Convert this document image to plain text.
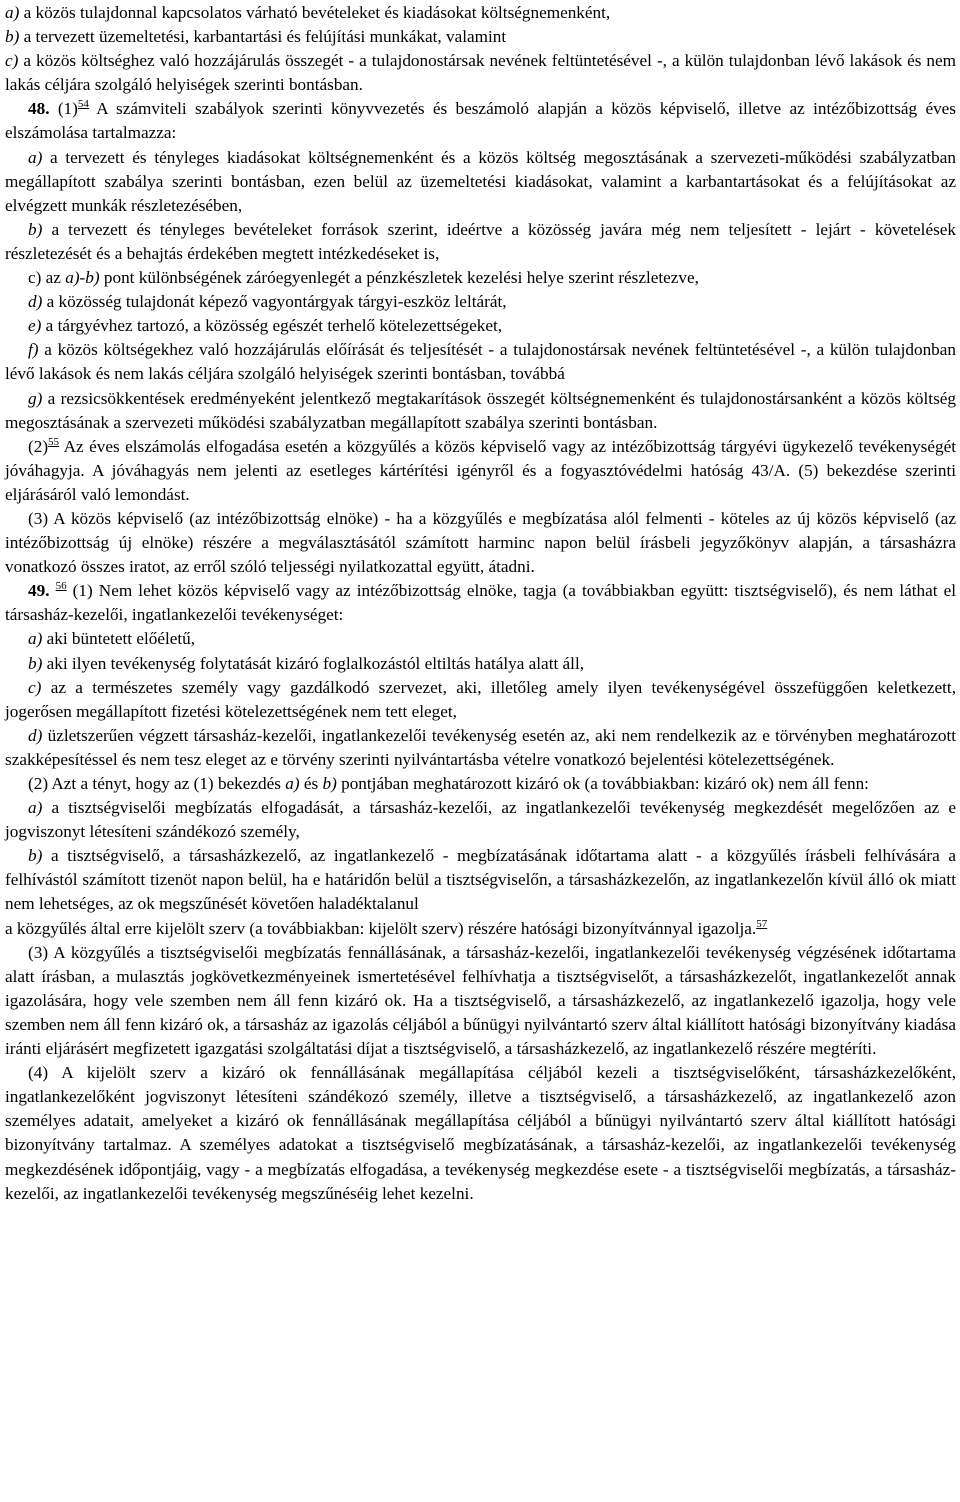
a) a közös tulajdonnal kapcsolatos várható bevételeket és kiadásokat költségnemenként,

b) a tervezett üzemeltetési, karbantartási és felújítási munkákat, valamint

c) a közös költséghez való hozzájárulás összegét - a tulajdonostársak nevének feltüntetésével -, a külön tulajdonban lévő lakások és nem lakás céljára szolgáló helyiségek szerinti bontásban.

48. (1)$^{54}$ A számviteli szabályok szerinti könyvvezetés és beszámoló alapján a közös képviselő, illetve az intézőbizottság éves elszámolása tartalmazza:

a) a tervezett és tényleges kiadásokat költségnemenként és a közös költség megosztásának a szervezeti-működési szabályzatban megállapított szabálya szerinti bontásban, ezen belül az üzemeltetési kiadásokat, valamint a karbantartásokat és a felújításokat az elvégzett munkák részletezésében,

b) a tervezett és tényleges bevételeket források szerint, ideértve a közösség javára még nem teljesített - lejárt - követelések részletezését és a behajtás érdekében megtett intézkedéseket is,

c) az a)-b) pont különbségének záróegyenlegét a pénzkészletek kezelési helye szerint részletezve,

d) a közösség tulajdonát képező vagyontárgyak tárgyi-eszköz leltárát,

e) a tárgyévhez tartozó, a közösség egészét terhelő kötelezettségeket,

f) a közös költségekhez való hozzájárulás előírását és teljesítését - a tulajdonostársak nevének feltüntetésével -, a külön tulajdonban lévő lakások és nem lakás céljára szolgáló helyiségek szerinti bontásban, továbbá

g) a rezsicsökkentések eredményeként jelentkező megtakarítások összegét költségnemenként és tulajdonostársanként a közös költség megosztásának a szervezeti működési szabályzatban megállapított szabálya szerinti bontásban.

(2)$^{55}$ Az éves elszámolás elfogadása esetén a közgyűlés a közös képviselő vagy az intézőbizottság tárgyévi ügykezelő tevékenységét jóváhagyja. A jóváhagyás nem jelenti az esetleges kártérítési igényről és a fogyasztóvédelmi hatóság 43/A. (5) bekezdése szerinti eljárásáról való lemondást.

(3) A közös képviselő (az intézőbizottság elnöke) - ha a közgyűlés e megbízatása alól felmenti - köteles az új közös képviselő (az intézőbizottság új elnöke) részére a megválasztásától számított harminc napon belül írásbeli jegyzőkönyv alapján, a társasházra vonatkozó összes iratot, az erről szóló teljességi nyilatkozattal együtt, átadni.

49. $^{56}$ (1) Nem lehet közös képviselő vagy az intézőbizottság elnöke, tagja (a továbbiakban együtt: tisztségviselő), és nem láthat el társasház-kezelői, ingatlankezelői tevékenységet:

a) aki büntetett előéletű,

b) aki ilyen tevékenység folytatását kizáró foglalkozástól eltiltás hatálya alatt áll,

c) az a természetes személy vagy gazdálkodó szervezet, aki, illetőleg amely ilyen tevékenységével összefüggően keletkezett, jogerősen megállapított fizetési kötelezettségének nem tett eleget,

d) üzletszerűen végzett társasház-kezelői, ingatlankezelői tevékenység esetén az, aki nem rendelkezik az e törvényben meghatározott szakképesítéssel és nem tesz eleget az e törvény szerinti nyilvántartásba vételre vonatkozó bejelentési kötelezettségének.

(2) Azt a tényt, hogy az (1) bekezdés a) és b) pontjában meghatározott kizáró ok (a továbbiakban: kizáró ok) nem áll fenn:

a) a tisztségviselői megbízatás elfogadását, a társasház-kezelői, az ingatlankezelői tevékenység megkezdését megelőzően az e jogviszonyt létesíteni szándékozó személy,

b) a tisztségviselő, a társasházkezelő, az ingatlankezelő - megbízatásának időtartama alatt - a közgyűlés írásbeli felhívására a felhívástól számított tizenöt napon belül, ha e határidőn belül a tisztségviselőn, a társasházkezelőn, az ingatlankezelőn kívül álló ok miatt nem lehetséges, az ok megszűnését követően haladéktalanul

a közgyűlés által erre kijelölt szerv (a továbbiakban: kijelölt szerv) részére hatósági bizonyítvánnyal igazolja.$^{57}$

(3) A közgyűlés a tisztségviselői megbízatás fennállásának, a társasház-kezelői, ingatlankezelői tevékenység végzésének időtartama alatt írásban, a mulasztás jogkövetkezményeinek ismertetésével felhívhatja a tisztségviselőt, a társasházkezelőt, ingatlankezelőt annak igazolására, hogy vele szemben nem áll fenn kizáró ok. Ha a tisztségviselő, a társasházkezelő, az ingatlankezelő igazolja, hogy vele szemben nem áll fenn kizáró ok, a társasház az igazolás céljából a bűnügyi nyilvántartó szerv által kiállított hatósági bizonyítvány kiadása iránti eljárásért megfizetett igazgatási szolgáltatási díjat a tisztségviselő, a társasházkezelő, az ingatlankezelő részére megtéríti.

(4) A kijelölt szerv a kizáró ok fennállásának megállapítása céljából kezeli a tisztségviselőként, társasházkezelőként, ingatlankezelőként jogviszonyt létesíteni szándékozó személy, illetve a tisztségviselő, a társasházkezelő, az ingatlankezelő azon személyes adatait, amelyeket a kizáró ok fennállásának megállapítása céljából a bűnügyi nyilvántartó szerv által kiállított hatósági bizonyítvány tartalmaz. A személyes adatokat a tisztségviselő megbízatásának, a társasház-kezelői, az ingatlankezelői tevékenység megkezdésének időpontjáig, vagy - a megbízatás elfogadása, a tevékenység megkezdése esete - a tisztségviselői megbízatás, a társasház-kezelői, az ingatlankezelői tevékenység megszűnéséig lehet kezelni.
